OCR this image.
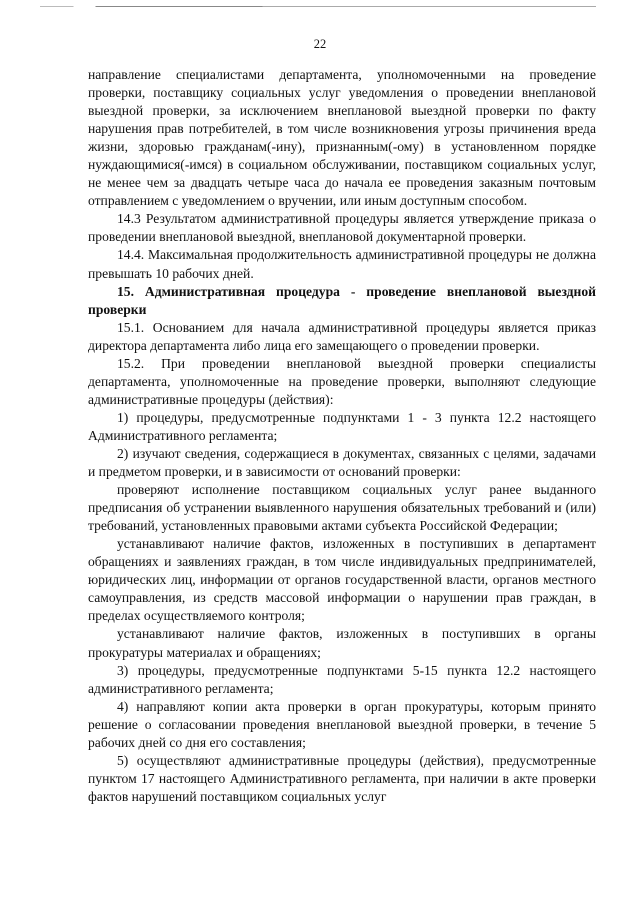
22

направление специалистами департамента, уполномоченными на проведение проверки, поставщику социальных услуг уведомления о проведении внеплановой выездной проверки, за исключением внеплановой выездной проверки по факту нарушения прав потребителей, в том числе возникновения угрозы причинения вреда жизни, здоровью гражданам(-ину), признанным(-ому) в установленном порядке нуждающимися(-имся) в социальном обслуживании, поставщиком социальных услуг, не менее чем за двадцать четыре часа до начала ее проведения заказным почтовым отправлением с уведомлением о вручении, или иным доступным способом.

14.3 Результатом административной процедуры является утверждение приказа о проведении внеплановой выездной, внеплановой документарной проверки.

14.4. Максимальная продолжительность административной процедуры не должна превышать 10 рабочих дней.

15. Административная процедура - проведение внеплановой выездной проверки

15.1. Основанием для начала административной процедуры является приказ директора департамента либо лица его замещающего о проведении проверки.

15.2. При проведении внеплановой выездной проверки специалисты департамента, уполномоченные на проведение проверки, выполняют следующие административные процедуры (действия):

1) процедуры, предусмотренные подпунктами 1 - 3 пункта 12.2 настоящего Административного регламента;

2) изучают сведения, содержащиеся в документах, связанных с целями, задачами и предметом проверки, и в зависимости от оснований проверки:

проверяют исполнение поставщиком социальных услуг ранее выданного предписания об устранении выявленного нарушения обязательных требований и (или) требований, установленных правовыми актами субъекта Российской Федерации;

устанавливают наличие фактов, изложенных в поступивших в департамент обращениях и заявлениях граждан, в том числе индивидуальных предпринимателей, юридических лиц, информации от органов государственной власти, органов местного самоуправления, из средств массовой информации о нарушении прав граждан, в пределах осуществляемого контроля;

устанавливают наличие фактов, изложенных в поступивших в органы прокуратуры материалах и обращениях;

3) процедуры, предусмотренные подпунктами 5-15 пункта 12.2 настоящего административного регламента;

4) направляют копии акта проверки в орган прокуратуры, которым принято решение о согласовании проведения внеплановой выездной проверки, в течение 5 рабочих дней со дня его составления;

5) осуществляют административные процедуры (действия), предусмотренные пунктом 17 настоящего Административного регламента, при наличии в акте проверки фактов нарушений поставщиком социальных услуг
